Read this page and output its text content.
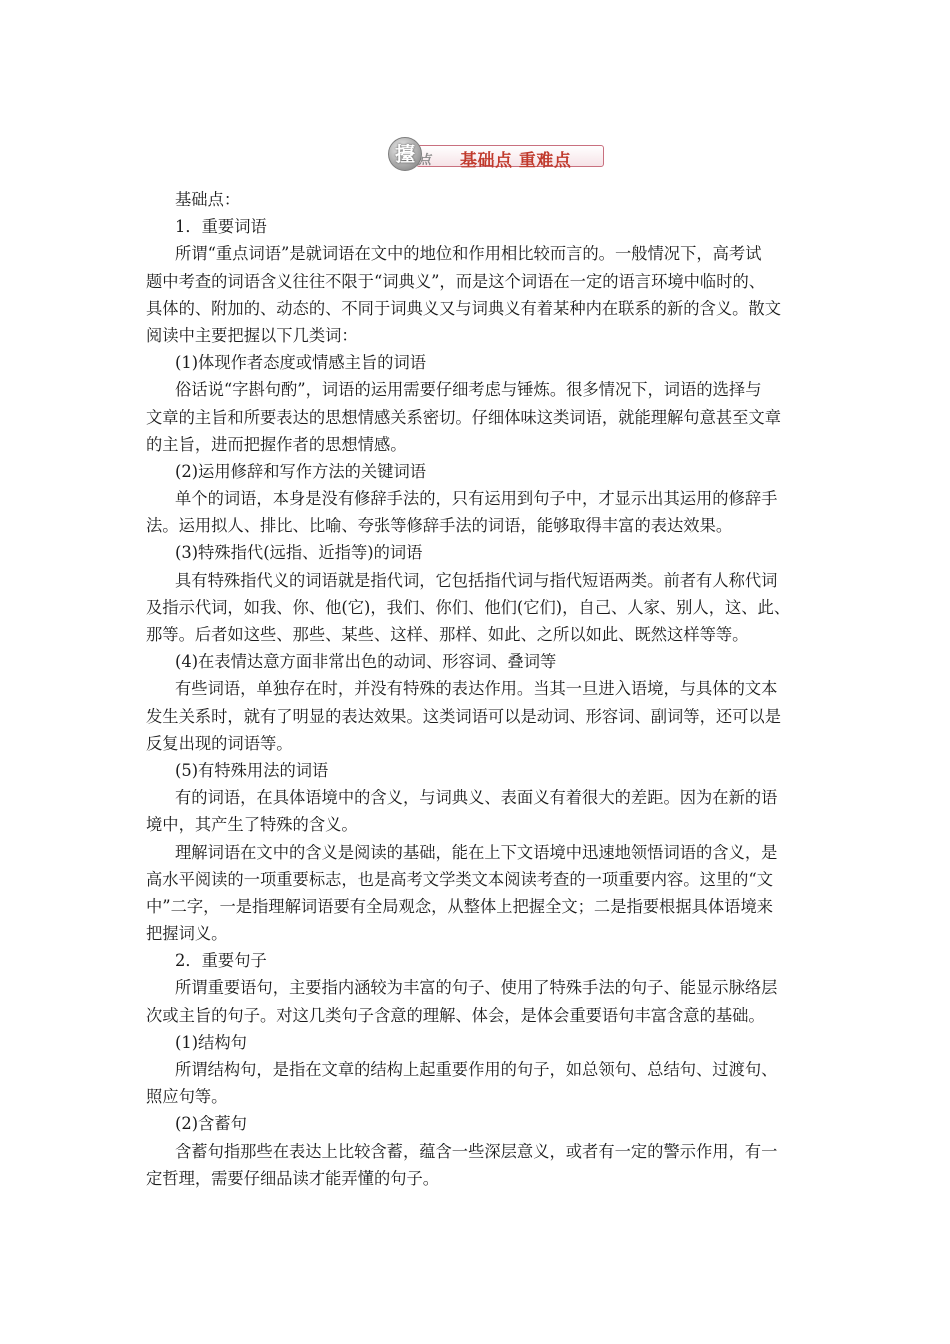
擡 点 基础点 重难点
基础点：
1．重要词语
所谓“重点词语”是就词语在文中的地位和作用相比较而言的。一般情况下，高考试
题中考查的词语含义往往不限于“词典义”，而是这个词语在一定的语言环境中临时的、
具体的、附加的、动态的、不同于词典义又与词典义有着某种内在联系的新的含义。散文
阅读中主要把握以下几类词：
(1)体现作者态度或情感主旨的词语
俗话说“字斟句酌”，词语的运用需要仔细考虑与锤炼。很多情况下，词语的选择与
文章的主旨和所要表达的思想情感关系密切。仔细体味这类词语，就能理解句意甚至文章
的主旨，进而把握作者的思想情感。
(2)运用修辞和写作方法的关键词语
单个的词语，本身是没有修辞手法的，只有运用到句子中，才显示出其运用的修辞手
法。运用拟人、排比、比喻、夸张等修辞手法的词语，能够取得丰富的表达效果。
(3)特殊指代(远指、近指等)的词语
具有特殊指代义的词语就是指代词，它包括指代词与指代短语两类。前者有人称代词
及指示代词，如我、你、他(它)，我们、你们、他们(它们)，自己、人家、别人，这、此、
那等。后者如这些、那些、某些、这样、那样、如此、之所以如此、既然这样等等。
(4)在表情达意方面非常出色的动词、形容词、叠词等
有些词语，单独存在时，并没有特殊的表达作用。当其一旦进入语境，与具体的文本
发生关系时，就有了明显的表达效果。这类词语可以是动词、形容词、副词等，还可以是
反复出现的词语等。
(5)有特殊用法的词语
有的词语，在具体语境中的含义，与词典义、表面义有着很大的差距。因为在新的语
境中，其产生了特殊的含义。
理解词语在文中的含义是阅读的基础，能在上下文语境中迅速地领悟词语的含义，是
高水平阅读的一项重要标志，也是高考文学类文本阅读考查的一项重要内容。这里的“文
中”二字，一是指理解词语要有全局观念，从整体上把握全文；二是指要根据具体语境来
把握词义。
2．重要句子
所谓重要语句，主要指内涵较为丰富的句子、使用了特殊手法的句子、能显示脉络层
次或主旨的句子。对这几类句子含意的理解、体会，是体会重要语句丰富含意的基础。
(1)结构句
所谓结构句，是指在文章的结构上起重要作用的句子，如总领句、总结句、过渡句、
照应句等。
(2)含蓄句
含蓄句指那些在表达上比较含蓄，蕴含一些深层意义，或者有一定的警示作用，有一
定哲理，需要仔细品读才能弄懂的句子。
